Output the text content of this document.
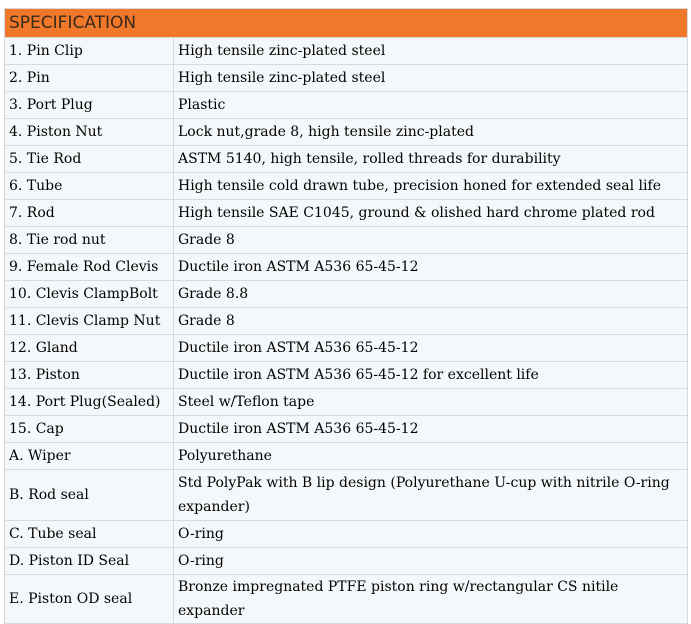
SPECIFICATION	
1. Pin Clip	High tensile zinc-plated steel
2. Pin	High tensile zinc-plated steel
3. Port Plug	Plastic
4. Piston Nut	Lock nut,grade 8, high tensile zinc-plated
5. Tie Rod	ASTM 5140, high tensile, rolled threads for durability
6. Tube	High tensile cold drawn tube, precision honed for extended seal life
7. Rod	High tensile SAE C1045, ground & olished hard chrome plated rod
8. Tie rod nut	Grade 8
9. Female Rod Clevis	Ductile iron ASTM A536 65-45-12
10. Clevis ClampBolt	Grade 8.8
11. Clevis Clamp Nut	Grade 8
12. Gland	Ductile iron ASTM A536 65-45-12
13. Piston	Ductile iron ASTM A536 65-45-12 for excellent life
14. Port Plug(Sealed)	Steel w/Teflon tape
15. Cap	Ductile iron ASTM A536 65-45-12
A. Wiper	Polyurethane
B. Rod seal	Std PolyPak with B lip design (Polyurethane U-cup with nitrile O-ring expander)
C. Tube seal	O-ring
D. Piston ID Seal	O-ring
E. Piston OD seal	Bronze impregnated PTFE piston ring w/rectangular CS nitile expander
